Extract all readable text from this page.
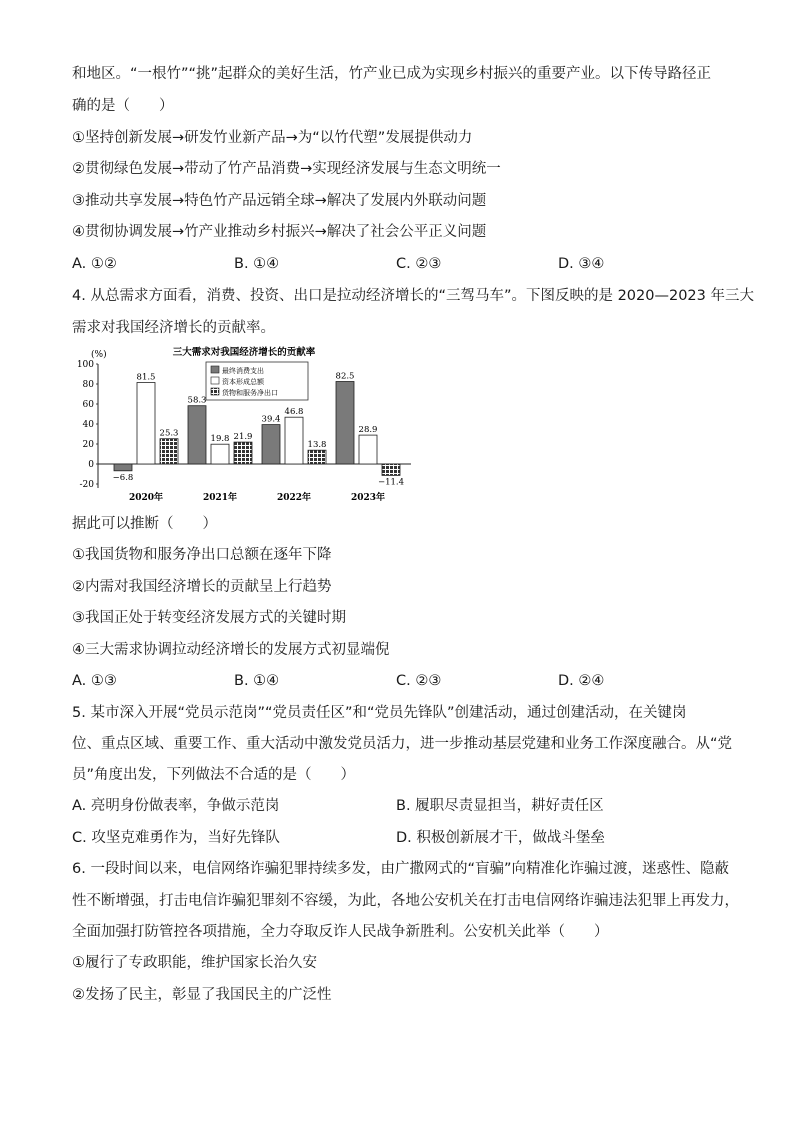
和地区。“一根竹”“挑”起群众的美好生活，竹产业已成为实现乡村振兴的重要产业。以下传导路径正
确的是（　　）
①坚持创新发展→研发竹业新产品→为“以竹代塑”发展提供动力
②贯彻绿色发展→带动了竹产品消费→实现经济发展与生态文明统一
③推动共享发展→特色竹产品远销全球→解决了发展内外联动问题
④贯彻协调发展→竹产业推动乡村振兴→解决了社会公平正义问题
A. ①②	B. ①④	C. ②③	D. ③④
4. 从总需求方面看，消费、投资、出口是拉动经济增长的“三驾马车”。下图反映的是 2020—2023 年三大
需求对我国经济增长的贡献率。
(%)	三大需求对我国经济增长的贡献率
100
80
60
40
20
0
-20
−6.8
81.5
25.3
2020年
58.3
19.8 21.9
2021年
39.4
46.8
13.8
2022年
82.5
28.9
−11.4
2023年
最终消费支出
资本形成总额
货物和服务净出口
据此可以推断（　　）
①我国货物和服务净出口总额在逐年下降
②内需对我国经济增长的贡献呈上行趋势
③我国正处于转变经济发展方式的关键时期
④三大需求协调拉动经济增长的发展方式初显端倪
A. ①③	B. ①④	C. ②③	D. ②④
5. 某市深入开展“党员示范岗”“党员责任区”和“党员先锋队”创建活动，通过创建活动，在关键岗
位、重点区域、重要工作、重大活动中激发党员活力，进一步推动基层党建和业务工作深度融合。从“党
员”角度出发，下列做法不合适的是（　　）
A. 亮明身份做表率，争做示范岗	B. 履职尽责显担当，耕好责任区
C. 攻坚克难勇作为，当好先锋队	D. 积极创新展才干，做战斗堡垒
6. 一段时间以来，电信网络诈骗犯罪持续多发，由广撒网式的“盲骗”向精准化诈骗过渡，迷惑性、隐蔽
性不断增强，打击电信诈骗犯罪刻不容缓，为此，各地公安机关在打击电信网络诈骗违法犯罪上再发力，
全面加强打防管控各项措施，全力夺取反诈人民战争新胜利。公安机关此举（　　）
①履行了专政职能，维护国家长治久安
②发扬了民主，彰显了我国民主的广泛性
